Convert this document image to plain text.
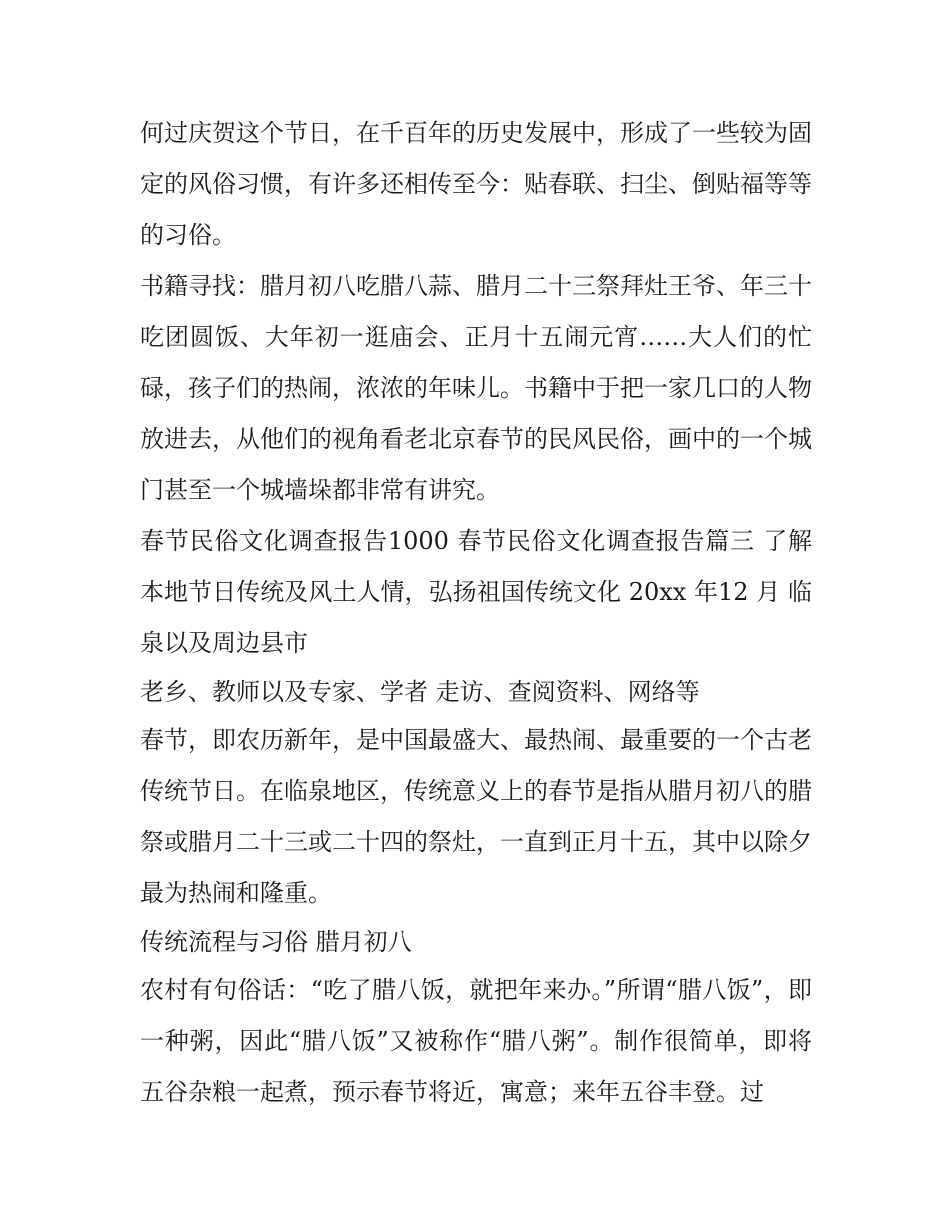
何过庆贺这个节日，在千百年的历史发展中，形成了一些较为固定的风俗习惯，有许多还相传至今：贴春联、扫尘、倒贴福等等的习俗。

书籍寻找：腊月初八吃腊八蒜、腊月二十三祭拜灶王爷、年三十吃团圆饭、大年初一逛庙会、正月十五闹元宵……大人们的忙碌，孩子们的热闹，浓浓的年味儿。书籍中于把一家几口的人物放进去，从他们的视角看老北京春节的民风民俗，画中的一个城门甚至一个城墙垛都非常有讲究。

春节民俗文化调查报告1000 春节民俗文化调查报告篇三 了解本地节日传统及风土人情，弘扬祖国传统文化 20xx 年12 月 临泉以及周边县市

老乡、教师以及专家、学者 走访、查阅资料、网络等

春节，即农历新年，是中国最盛大、最热闹、最重要的一个古老传统节日。在临泉地区，传统意义上的春节是指从腊月初八的腊祭或腊月二十三或二十四的祭灶，一直到正月十五，其中以除夕最为热闹和隆重。

传统流程与习俗 腊月初八

农村有句俗话：“吃了腊八饭，就把年来办。”所谓“腊八饭”，即一种粥，因此“腊八饭”又被称作“腊八粥”。制作很简单，即将五谷杂粮一起煮，预示春节将近，寓意；来年五谷丰登。过
